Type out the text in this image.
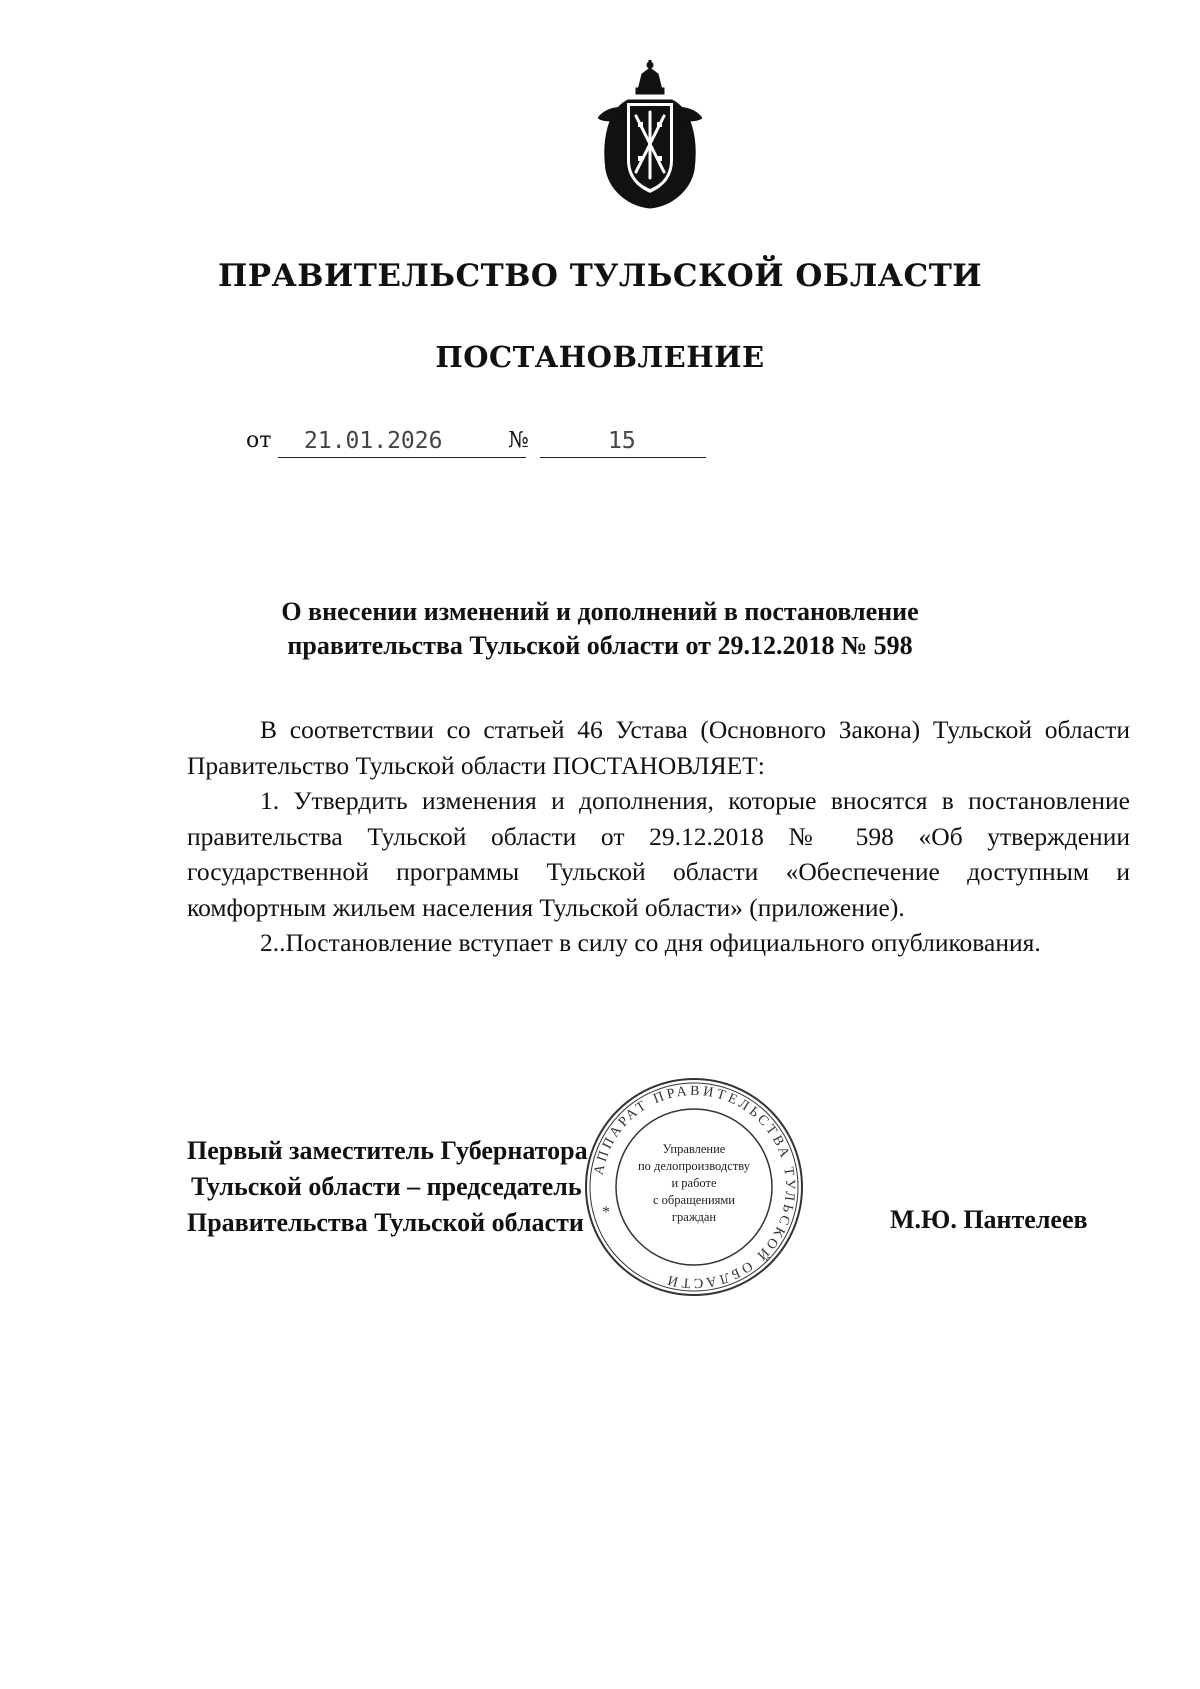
ПРАВИТЕЛЬСТВО ТУЛЬСКОЙ ОБЛАСТИ
ПОСТАНОВЛЕНИЕ
от 21.01.2026	№	15
О внесении изменений и дополнений в постановление
правительства Тульской области от 29.12.2018 № 598

В соответствии со статьей 46 Устава (Основного Закона) Тульской области Правительство Тульской области ПОСТАНОВЛЯЕТ:

1. Утвердить изменения и дополнения, которые вносятся в постановление правительства Тульской области от 29.12.2018 № 598 «Об утверждении государственной программы Тульской области «Обеспечение доступным и комфортным жильем населения Тульской области» (приложение).

2..Постановление вступает в силу со дня официального опубликования.

Первый заместитель Губернатора
Тульской области – председатель
Правительства Тульской области	М.Ю. Пантелеев
АППАРАТ ПРАВИТЕЛЬСТВА ТУЛЬСКОЙ ОБЛАСТИ
*
Управление
по делопроизводству
и работе
с обращениями
граждан
